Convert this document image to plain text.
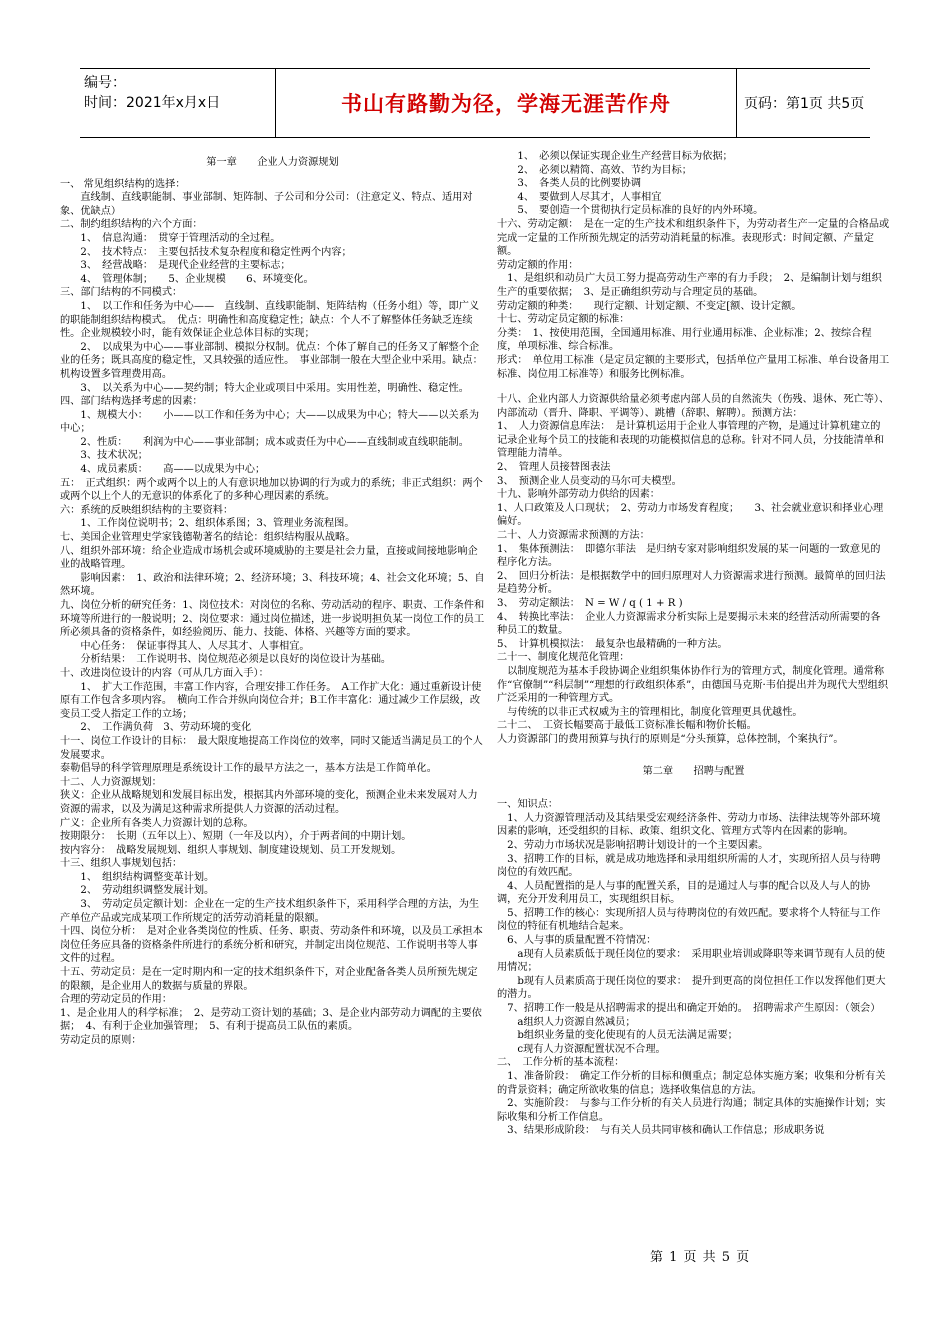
编号：
时间：2021年x月x日	书山有路勤为径，学海无涯苦作舟	页码：第1页 共5页
第一章　　企业人力资源规划
一、 常见组织结构的选择：
　　直线制、直线职能制、事业部制、矩阵制、子公司和分公司：（注意定义、特点、适用对象、优缺点）
二、制约组织结构的六个方面：
　　1、　信息沟通：　贯穿于管理活动的全过程。
　　2、　技术特点：　主要包括技术复杂程度和稳定性两个内容；
　　3、　经营战略：　是现代企业经营的主要标志；
　　4、　管理体制；　　5、企业规模　　6、环境变化。
三、部门结构的不同模式：
　　1、　以工作和任务为中心——　直线制、直线职能制、矩阵结构（任务小组）等，即广义的职能制组织结构模式。　优点：明确性和高度稳定性；缺点：个人不了解整体任务缺乏连续性。企业规模较小时，能有效保证企业总体目标的实现；
　　2、　以成果为中心——事业部制、模拟分权制。优点：个体了解自己的任务又了解整个企业的任务；既具高度的稳定性，又具较强的适应性。　事业部制一般在大型企业中采用。缺点：机构设置多管理费用高。
　　3、　以关系为中心——契约制；特大企业或项目中采用。实用性差，明确性、稳定性。
四、部门结构选择考虑的因素：
　　1、规模大小：　　小——以工作和任务为中心；大——以成果为中心；特大——以关系为中心；
　　2、性质：　　利润为中心——事业部制；成本或责任为中心——直线制或直线职能制。
　　3、技术状况；
　　4、成员素质：　　高——以成果为中心；
五：　正式组织：两个或两个以上的人有意识地加以协调的行为或力的系统；非正式组织：两个或两个以上个人的无意识的体系化了的多种心理因素的系统。
六：系统的反映组织结构的主要资料：
　　1、工作岗位说明书；2、组织体系图；3、管理业务流程图。
七、美国企业管理史学家钱德勒著名的结论：组织结构服从战略。
八、组织外部环境：给企业造成市场机会或环境威胁的主要是社会力量，直接或间接地影响企业的战略管理。
　　影响因素：　1、政治和法律环境；2、经济环境；3、科技环境；4、社会文化环境；5、自然环境。
九、岗位分析的研究任务：1、岗位技术：对岗位的名称、劳动活动的程序、职责、工作条件和环境等所进行的一般说明；2、岗位要求：通过岗位描述，进一步说明担负某一岗位工作的员工所必须具备的资格条件，如经验阅历、能力、技能、体格、兴趣等方面的要求。
　　中心任务：　保证事得其人、人尽其才、人事相宜。
　　分析结果：　工作说明书、岗位规范必须是以良好的岗位设计为基础。
十、改进岗位设计的内容（可从几方面入手）：
　　1、　扩大工作范围，丰富工作内容，合理安排工作任务。　A工作扩大化：通过重新设计使原有工作包含多项内容。　横向工作合并纵向岗位合并；B工作丰富化：通过减少工作层级，改变员工受人指定工作的立场；
　　2、　工作满负荷　3、劳动环境的变化
十一、岗位工作设计的目标：　最大限度地提高工作岗位的效率，同时又能适当满足员工的个人发展要求。
泰勒倡导的科学管理原理是系统设计工作的最早方法之一，基本方法是工作简单化。
十二、人力资源规划：
狭义：企业从战略规划和发展目标出发，根据其内外部环境的变化，预测企业未来发展对人力资源的需求，以及为满足这种需求所提供人力资源的活动过程。
广义：企业所有各类人力资源计划的总称。
按期限分：　长期（五年以上）、短期（一年及以内），介于两者间的中期计划。
按内容分：　战略发展规划、组织人事规划、制度建设规划、员工开发规划。
十三、组织人事规划包括：
　　1、　组织结构调整变革计划。
　　2、　劳动组织调整发展计划。
　　3、　劳动定员定额计划：企业在一定的生产技术组织条件下，采用科学合理的方法，为生产单位产品或完成某项工作所规定的活劳动消耗量的限额。
十四、岗位分析：　是对企业各类岗位的性质、任务、职责、劳动条件和环境，以及员工承担本岗位任务应具备的资格条件所进行的系统分析和研究，并制定出岗位规范、工作说明书等人事文件的过程。
十五、劳动定员：是在一定时期内和一定的技术组织条件下，对企业配备各类人员所预先规定的限额，是企业用人的数据与质量的界限。
合理的劳动定员的作用：
1、是企业用人的科学标准；　2、是劳动工资计划的基础；3、是企业内部劳动力调配的主要依据；　4、有利于企业加强管理；　5、有利于提高员工队伍的素质。
劳动定员的原则：
　　1、　必须以保证实现企业生产经营目标为依据；
　　2、　必须以精简、高效、节约为目标；
　　3、　各类人员的比例要协调
　　4、　要做到人尽其才，人事相宜
　　5、　要创造一个贯彻执行定员标准的良好的内外环境。
十六、劳动定额：　是在一定的生产技术和组织条件下，为劳动者生产一定量的合格品或完成一定量的工作所预先规定的活劳动消耗量的标准。表现形式：时间定额、产量定额。
劳动定额的作用：
　1、是组织和动员广大员工努力提高劳动生产率的有力手段；　2、是编制计划与组织生产的重要依据；　3、是正确组织劳动与合理定员的基础。
劳动定额的种类：　　现行定额、计划定额、不变定[额、设计定额。
十七、劳动定员定额的标准：
分类：　1、按使用范围，全国通用标准、用行业通用标准、企业标准；2、按综合程度，单项标准、综合标准。
形式：　单位用工标准（是定员定额的主要形式，包括单位产量用工标准、单台设备用工标准、岗位用工标准等）和服务比例标准。
十八、企业内部人力资源供给量必须考虑内部人员的自然流失（伤残、退休、死亡等）、内部流动（晋升、降职、平调等）、跳槽（辞职、解聘）。预测方法：
1、　人力资源信息库法：　是计算机运用于企业人事管理的产物，是通过计算机建立的记录企业每个员工的技能和表现的功能模拟信息的总称。针对不同人员，分技能清单和管理能力清单。
2、　管理人员接替图表法
3、　预测企业人员变动的马尔可夫模型。
十九、影响外部劳动力供给的因素：
1、人口政策及人口现状；　2、劳动力市场发育程度；　　3、社会就业意识和择业心理偏好。
二十、人力资源需求预测的方法：
1、　集体预测法：　即德尔菲法　是归纳专家对影响组织发展的某一问题的一致意见的程序化方法。
2、　回归分析法：是根据数学中的回归原理对人力资源需求进行预测。最简单的回归法是趋势分析。
3、　劳动定额法：　N = W / q ( 1 + R )
4、　转换比率法：　企业人力资源需求分析实际上是要揭示未来的经营活动所需要的各种员工的数量。
5、　计算机模拟法：　最复杂也最精确的一种方法。
二十一、制度化规范化管理：
　以制度规范为基本手段协调企业组织集体协作行为的管理方式，制度化管理。通常称作“官僚制”“科层制”“理想的行政组织体系”，由德国马克斯·韦伯提出并为现代大型组织广泛采用的一种管理方式。
　与传统的以非正式权威为主的管理相比，制度化管理更具优越性。
二十二、　工资长幅要高于最低工资标准长幅和物价长幅。
人力资源部门的费用预算与执行的原则是“分头预算，总体控制，个案执行”。
第二章　　招聘与配置
一、知识点：
　1、人力资源管理活动及其结果受宏观经济条件、劳动力市场、法律法规等外部环境因素的影响，还受组织的目标、政策、组织文化、管理方式等内在因素的影响。
　2、劳动力市场状况是影响招聘计划设计的一个主要因素。
　3、招聘工作的目标，就是成功地选择和录用组织所需的人才，实现所招人员与待聘岗位的有效匹配。
　4、人员配置指的是人与事的配置关系，目的是通过人与事的配合以及人与人的协调，充分开发利用员工，实现组织目标。
　5、招聘工作的核心：实现所招人员与待聘岗位的有效匹配。要求将个人特征与工作岗位的特征有机地结合起来。
　6、人与事的质量配置不符情况：
　　a现有人员素质低于现任岗位的要求：　采用职业培训或降职等来调节现有人员的使用情况；
　　b现有人员素质高于现任岗位的要求：　提升到更高的岗位担任工作以发挥他们更大的潜力。
　7、招聘工作一般是从招聘需求的提出和确定开始的。　招聘需求产生原因：（领会）
　　a组织人力资源自然减员；
　　b组织业务量的变化使现有的人员无法满足需要；
　　c现有人力资源配置状况不合理。
二、　工作分析的基本流程：
　1、准备阶段：　确定工作分析的目标和侧重点；制定总体实施方案；收集和分析有关的背景资料；确定所欲收集的信息；选择收集信息的方法。
　2、实施阶段：　与参与工作分析的有关人员进行沟通；制定具体的实施操作计划；实际收集和分析工作信息。
　3、结果形成阶段：　与有关人员共同审核和确认工作信息；形成职务说
第 1 页 共 5 页
